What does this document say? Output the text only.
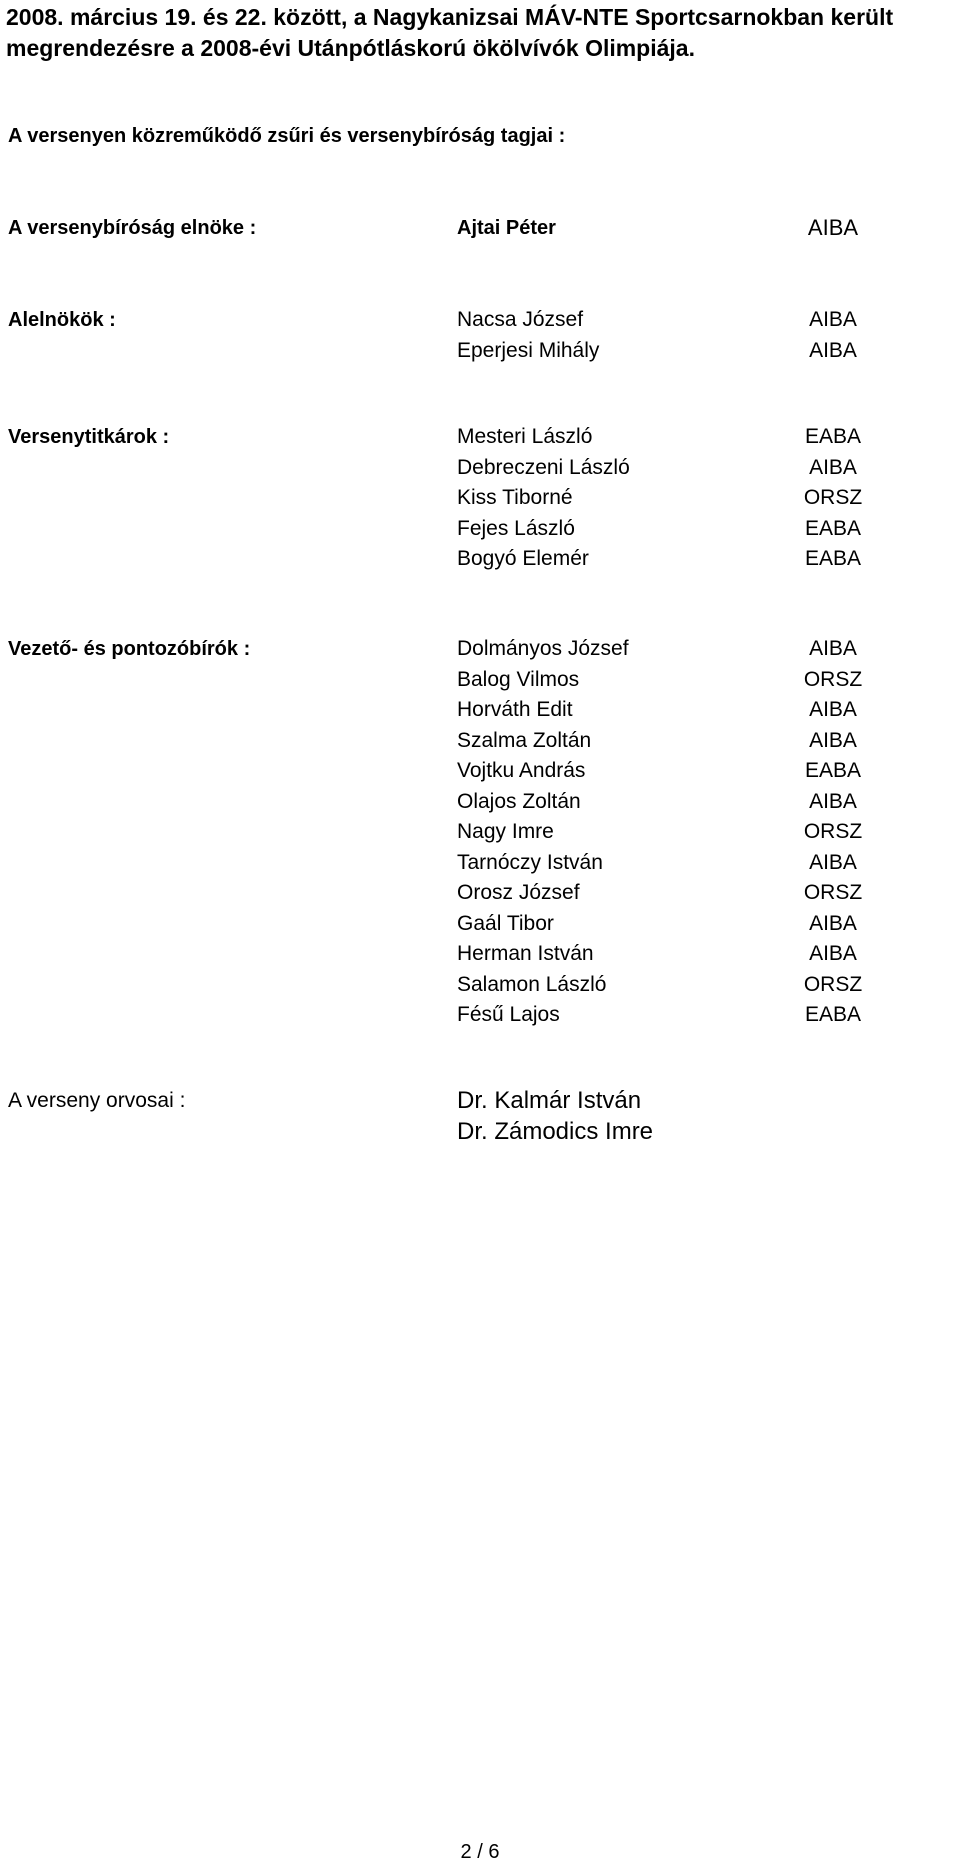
2008. március 19. és 22. között, a Nagykanizsai MÁV-NTE Sportcsarnokban került
megrendezésre a 2008-évi Utánpótláskorú ökölvívók Olimpiája.
A versenyen közreműködő zsűri és versenybíróság tagjai :
A versenybíróság elnöke :	Ajtai Péter	AIBA
Alelnökök :	Nacsa József	AIBA
Eperjesi Mihály	AIBA
Versenytitkárok :	Mesteri László	EABA
Debreczeni László	AIBA
Kiss Tiborné	ORSZ
Fejes László	EABA
Bogyó Elemér	EABA
Vezető- és pontozóbírók :	Dolmányos József	AIBA
Balog Vilmos	ORSZ
Horváth Edit	AIBA
Szalma Zoltán	AIBA
Vojtku András	EABA
Olajos Zoltán	AIBA
Nagy Imre	ORSZ
Tarnóczy István	AIBA
Orosz József	ORSZ
Gaál Tibor	AIBA
Herman István	AIBA
Salamon László	ORSZ
Fésű Lajos	EABA
A verseny orvosai :	Dr. Kalmár István
Dr. Zámodics Imre
2 / 6
